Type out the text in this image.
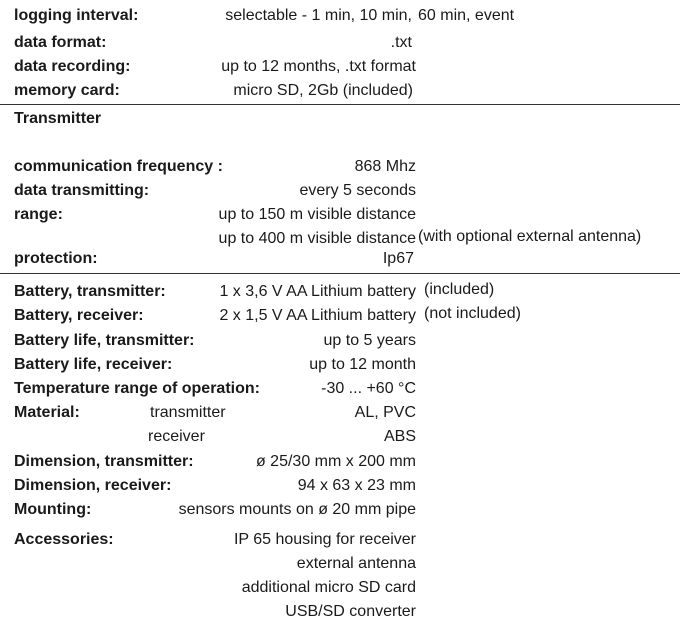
logging interval:	selectable - 1 min, 10 min, 60 min, event
data format:	.txt
data recording:	up to 12 months, .txt format
memory card:	micro SD, 2Gb (included)
Transmitter
communication frequency :	868 Mhz
data transmitting:	every 5 seconds
range:	up to 150 m visible distance
up to 400 m visible distance (with optional external antenna)
protection:	Ip67
Battery, transmitter:	1 x 3,6 V AA Lithium battery (included)
Battery, receiver:	2 x 1,5 V AA Lithium battery (not included)
Battery life, transmitter:	up to 5 years
Battery life, receiver:	up to 12 month
Temperature range of operation:	-30 ... +60 °C
Material:	transmitter	AL, PVC
receiver	ABS
Dimension, transmitter:	ø 25/30 mm x 200 mm
Dimension, receiver:	94 x 63 x 23 mm
Mounting:	sensors mounts on ø 20 mm pipe
Accessories:	IP 65 housing for receiver
external antenna
additional micro SD card
USB/SD converter
